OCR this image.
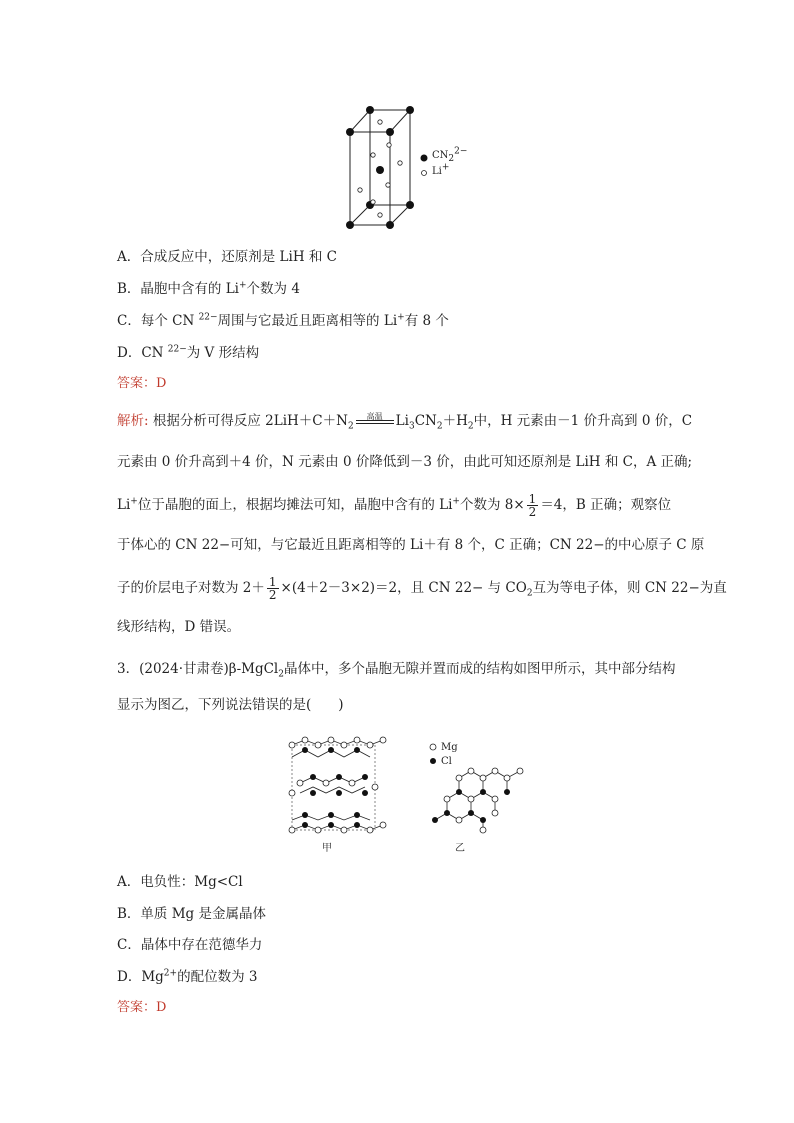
$CN_2^{2-}$
Li+
A．合成反应中，还原剂是 LiH 和 C
B．晶胞中含有的 Li+个数为 4
C．每个 CN $^{22-}$周围与它最近且距离相等的 Li+有 8 个
D．CN $^{22-}$为 V 形结构
答案：D
解析: 根据分析可得反应 $2LiH+C+N_2$
高温 $Li_3CN_2+H_2$中，H 元素由－1 价升高到 0 价，C
元素由 0 价升高到＋4 价，N 元素由 0 价降低到－3 价，由此可知还原剂是 LiH 和 C，A 正确;
Li+位于晶胞的面上，根据均摊法可知，晶胞中含有的 Li+个数为 $8\times \frac{1}{2} =4$，B 正确；观察位
于体心的 CN 22−可知，与它最近且距离相等的 Li＋有 8 个，C 正确；CN 22−的中心原子 C 原
子的价层电子对数为 $2+ \frac{1}{2} \times(4+2-3\times 2)=2$，且 CN 22− 与 $CO_2$互为等电子体，则 CN 22−为直
线形结构，D 错误。
3．(2024·甘肃卷)β-MgCl$_2$晶体中，多个晶胞无隙并置而成的结构如图甲所示，其中部分结构
显示为图乙，下列说法错误的是(　　)
甲
Mg
Cl
乙
A．电负性：Mg<Cl
B．单质 Mg 是金属晶体
C．晶体中存在范德华力
D．$Mg^{2+}$的配位数为 3
答案：D
